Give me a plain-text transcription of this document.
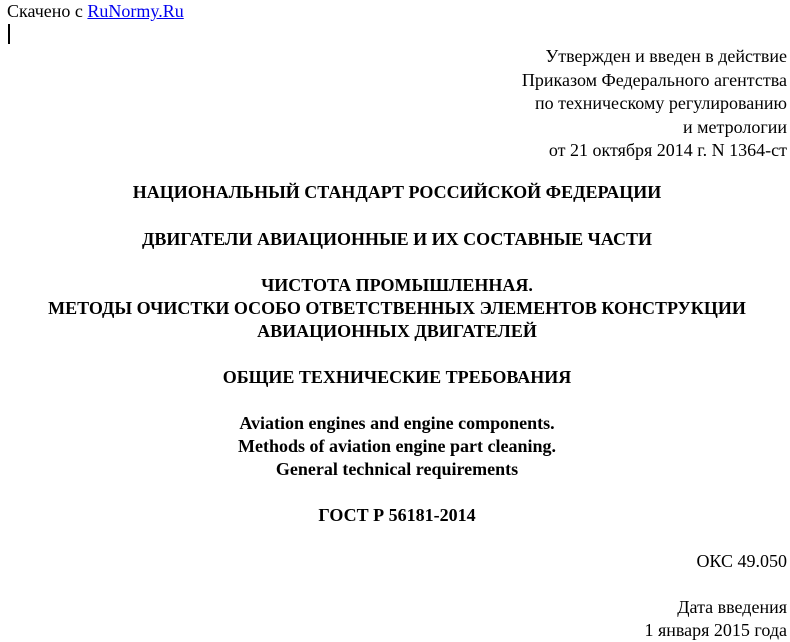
Скачено с RuNormy.Ru
Утвержден и введен в действие
Приказом Федерального агентства
по техническому регулированию
и метрологии
от 21 октября 2014 г. N 1364-ст
НАЦИОНАЛЬНЫЙ СТАНДАРТ РОССИЙСКОЙ ФЕДЕРАЦИИ
ДВИГАТЕЛИ АВИАЦИОННЫЕ И ИХ СОСТАВНЫЕ ЧАСТИ
ЧИСТОТА ПРОМЫШЛЕННАЯ.
МЕТОДЫ ОЧИСТКИ ОСОБО ОТВЕТСТВЕННЫХ ЭЛЕМЕНТОВ КОНСТРУКЦИИ
АВИАЦИОННЫХ ДВИГАТЕЛЕЙ
ОБЩИЕ ТЕХНИЧЕСКИЕ ТРЕБОВАНИЯ
Aviation engines and engine components.
Methods of aviation engine part cleaning.
General technical requirements
ГОСТ Р 56181-2014
ОКС 49.050
Дата введения
1 января 2015 года
